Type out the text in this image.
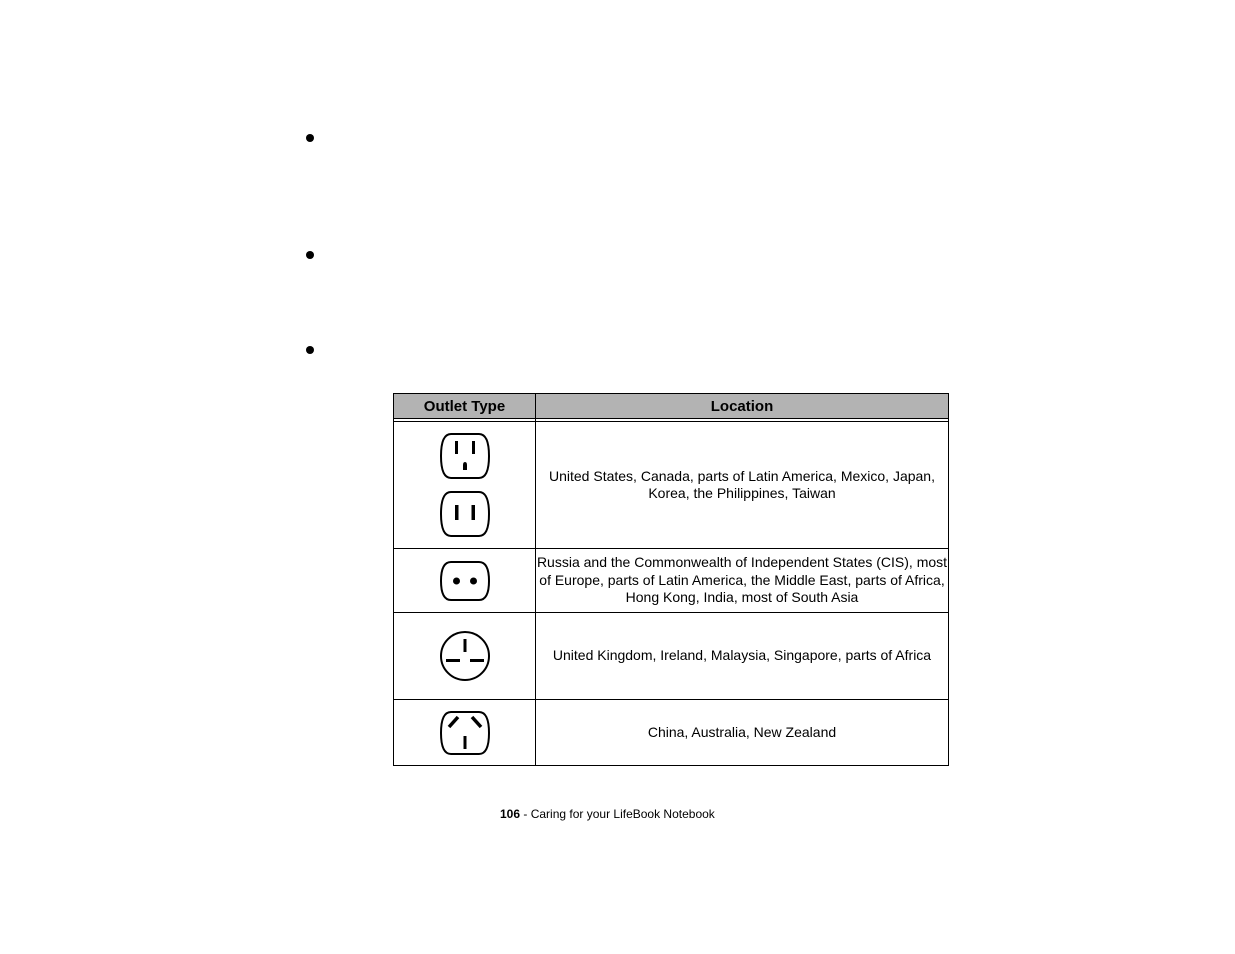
Outlet Type	Location

	United States, Canada, parts of Latin America, Mexico, Japan, Korea, the Philippines, Taiwan

	Russia and the Commonwealth of Independent States (CIS), most of Europe, parts of Latin America, the Middle East, parts of Africa, Hong Kong, India, most of South Asia

	United Kingdom, Ireland, Malaysia, Singapore, parts of Africa

	China, Australia, New Zealand
106 - Caring for your LifeBook Notebook
